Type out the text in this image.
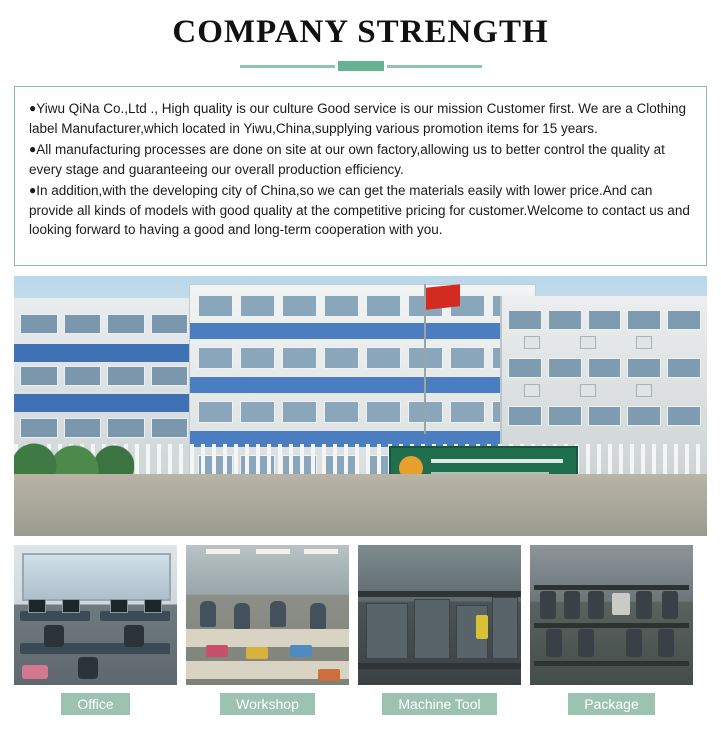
COMPANY STRENGTH

●Yiwu QiNa Co.,Ltd ., High quality is our culture Good service is our mission Customer first. We are a Clothing label Manufacturer,which located in Yiwu,China,supplying various promotion items for 15 years.

●All manufacturing processes are done on site at our own factory,allowing us to better control the quality at every stage and guaranteeing our overall production efficiency.

●In addition,with the developing city of China,so we can get the materials easily with lower price.And can provide all kinds of models with good quality at the competitive pricing for customer.Welcome to contact us and looking forward to having a good and long-term cooperation with you.

Office	Workshop	Machine Tool	Package
